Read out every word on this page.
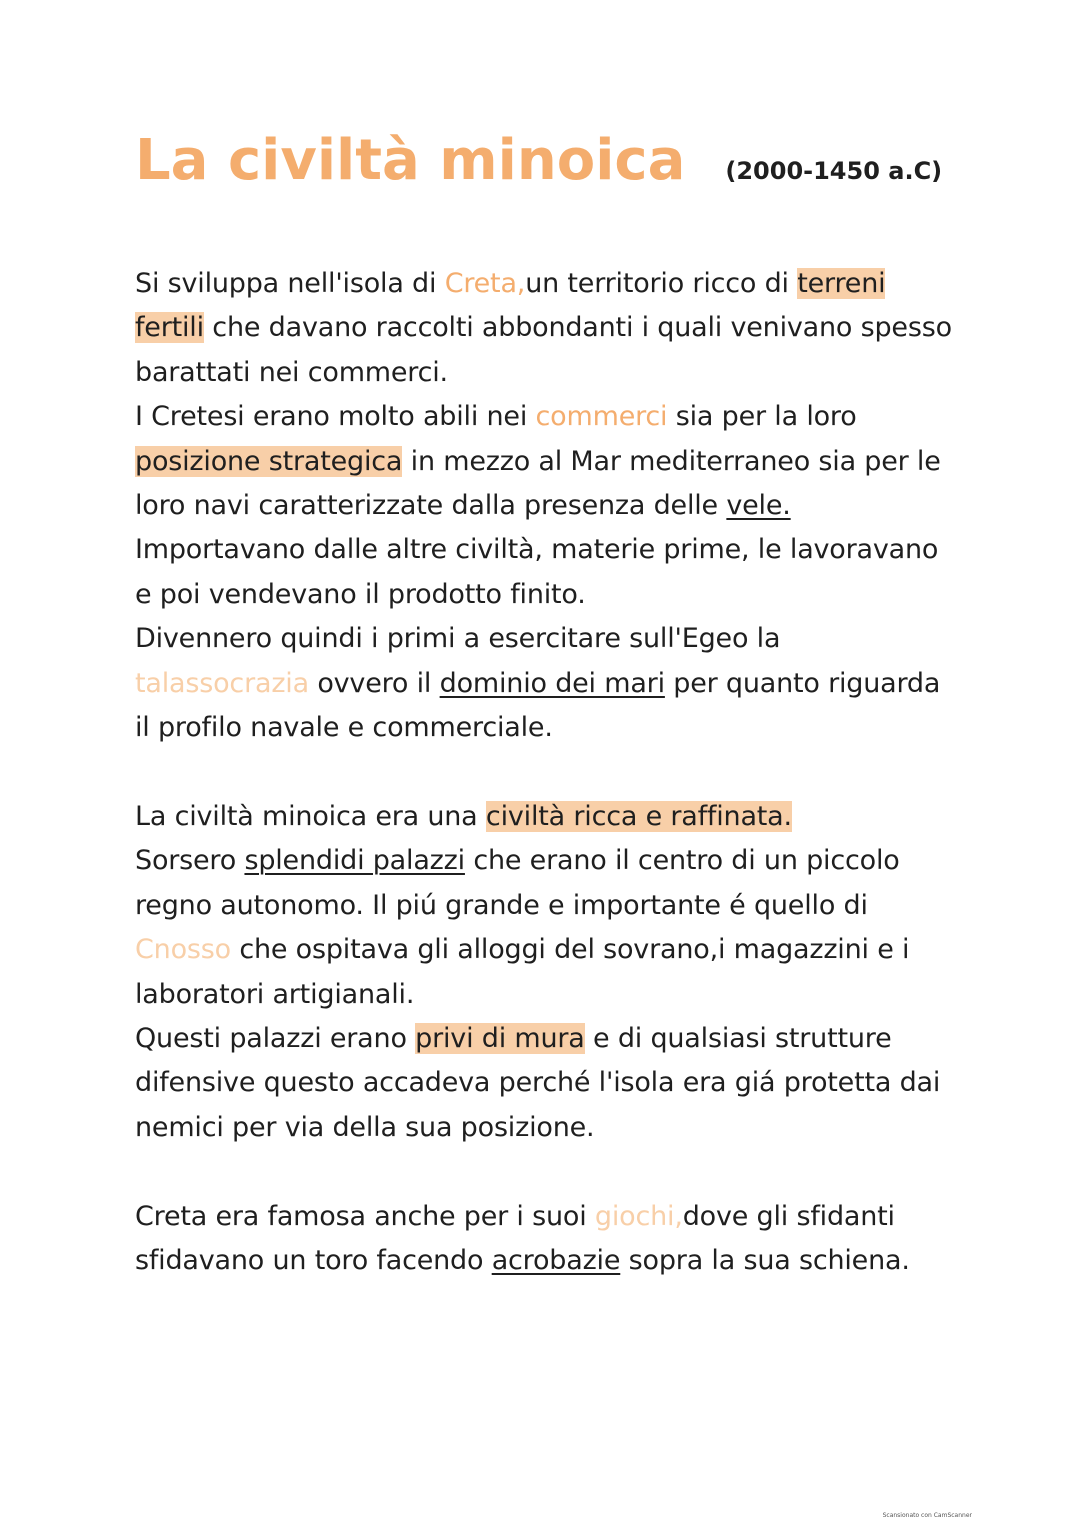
La civiltà minoica (2000-1450 a.C)

Si sviluppa nell'isola di Creta,un territorio ricco di terreni fertili che davano raccolti abbondanti i quali venivano spesso barattati nei commerci.
I Cretesi erano molto abili nei commerci sia per la loro posizione strategica in mezzo al Mar mediterraneo sia per le loro navi caratterizzate dalla presenza delle vele.
Importavano dalle altre civiltà, materie prime, le lavoravano e poi vendevano il prodotto finito.
Divennero quindi i primi a esercitare sull'Egeo la talassocrazia ovvero il dominio dei mari per quanto riguarda il profilo navale e commerciale.

La civiltà minoica era una civiltà ricca e raffinata.
Sorsero splendidi palazzi che erano il centro di un piccolo regno autonomo. Il piú grande e importante é quello di Cnosso che ospitava gli alloggi del sovrano,i magazzini e i laboratori artigianali.
Questi palazzi erano privi di mura e di qualsiasi strutture difensive questo accadeva perché l'isola era giá protetta dai nemici per via della sua posizione.

Creta era famosa anche per i suoi giochi,dove gli sfidanti sfidavano un toro facendo acrobazie sopra la sua schiena.

Scansionato con CamScanner
